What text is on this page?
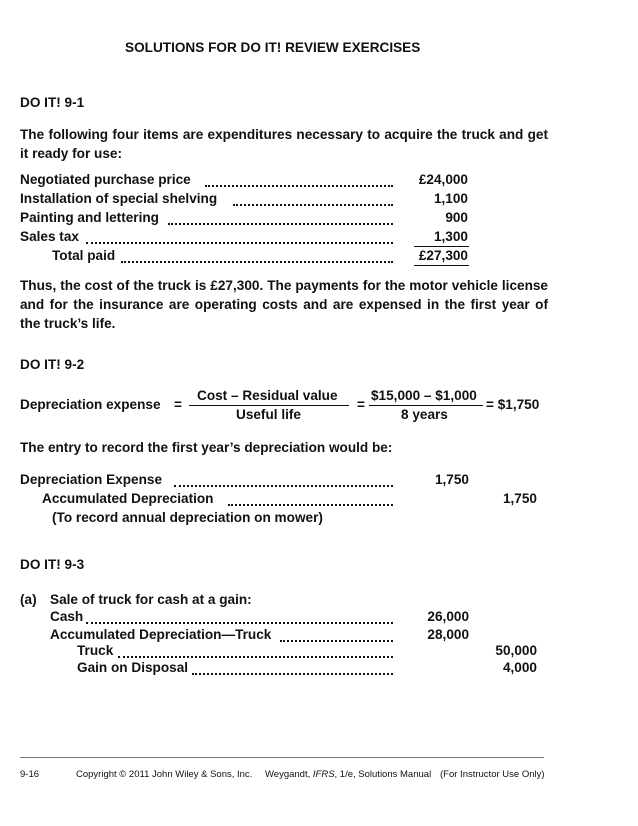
SOLUTIONS FOR DO IT! REVIEW EXERCISES
DO IT! 9-1
The following four items are expenditures necessary to acquire the truck and get it ready for use:
Negotiated purchase price	£24,000
Installation of special shelving	1,100
Painting and lettering	900
Sales tax	1,300
Total paid	£27,300
Thus, the cost of the truck is £27,300. The payments for the motor vehicle license and for the insurance are operating costs and are expensed in the first year of the truck’s life.
DO IT! 9-2
Depreciation expense =
Cost – Residual value
Useful life
=
$15,000 – $1,000
8 years
= $1,750
The entry to record the first year’s depreciation would be:
Depreciation Expense	1,750
Accumulated Depreciation	1,750
(To record annual depreciation on mower)
DO IT! 9-3
(a) Sale of truck for cash at a gain:
Cash	26,000
Accumulated Depreciation—Truck	28,000
Truck	50,000
Gain on Disposal	4,000
9-16	Copyright © 2011 John Wiley & Sons, Inc. Weygandt, IFRS, 1/e, Solutions Manual (For Instructor Use Only)
